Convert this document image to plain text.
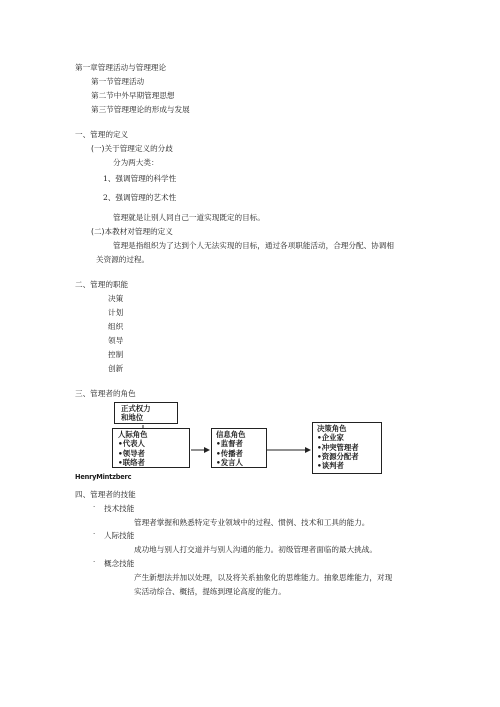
第一章管理活动与管理理论
第一节管理活动
第二节中外早期管理思想
第三节管理理论的形成与发展
一、管理的定义
(一)关于管理定义的分歧
分为两大类：
1、强调管理的科学性
2、强调管理的艺术性
管理就是让别人同自己一道实现既定的目标。
(二)本教材对管理的定义
管理是指组织为了达到个人无法实现的目标，通过各项职能活动，合理分配、协调相
关资源的过程。
二、管理的职能
决策
计划
组织
领导
控制
创新
三、管理者的角色
正式权力
和地位
人际角色
•代表人
•领导者
•联络者
信息角色
•监督者
•传播者
•发言人
决策角色
•企业家
•冲突管理者
•资源分配者
•谈判者
HenryMintzberc
四、管理者的技能
· 技术技能
管理者掌握和熟悉特定专业领域中的过程、惯例、技术和工具的能力。
· 人际技能
成功地与别人打交道并与别人沟通的能力。初级管理者面临的最大挑战。
· 概念技能
产生新想法并加以处理，以及将关系抽象化的思维能力。抽象思维能力，对现
实活动综合、概括，提练到理论高度的能力。
